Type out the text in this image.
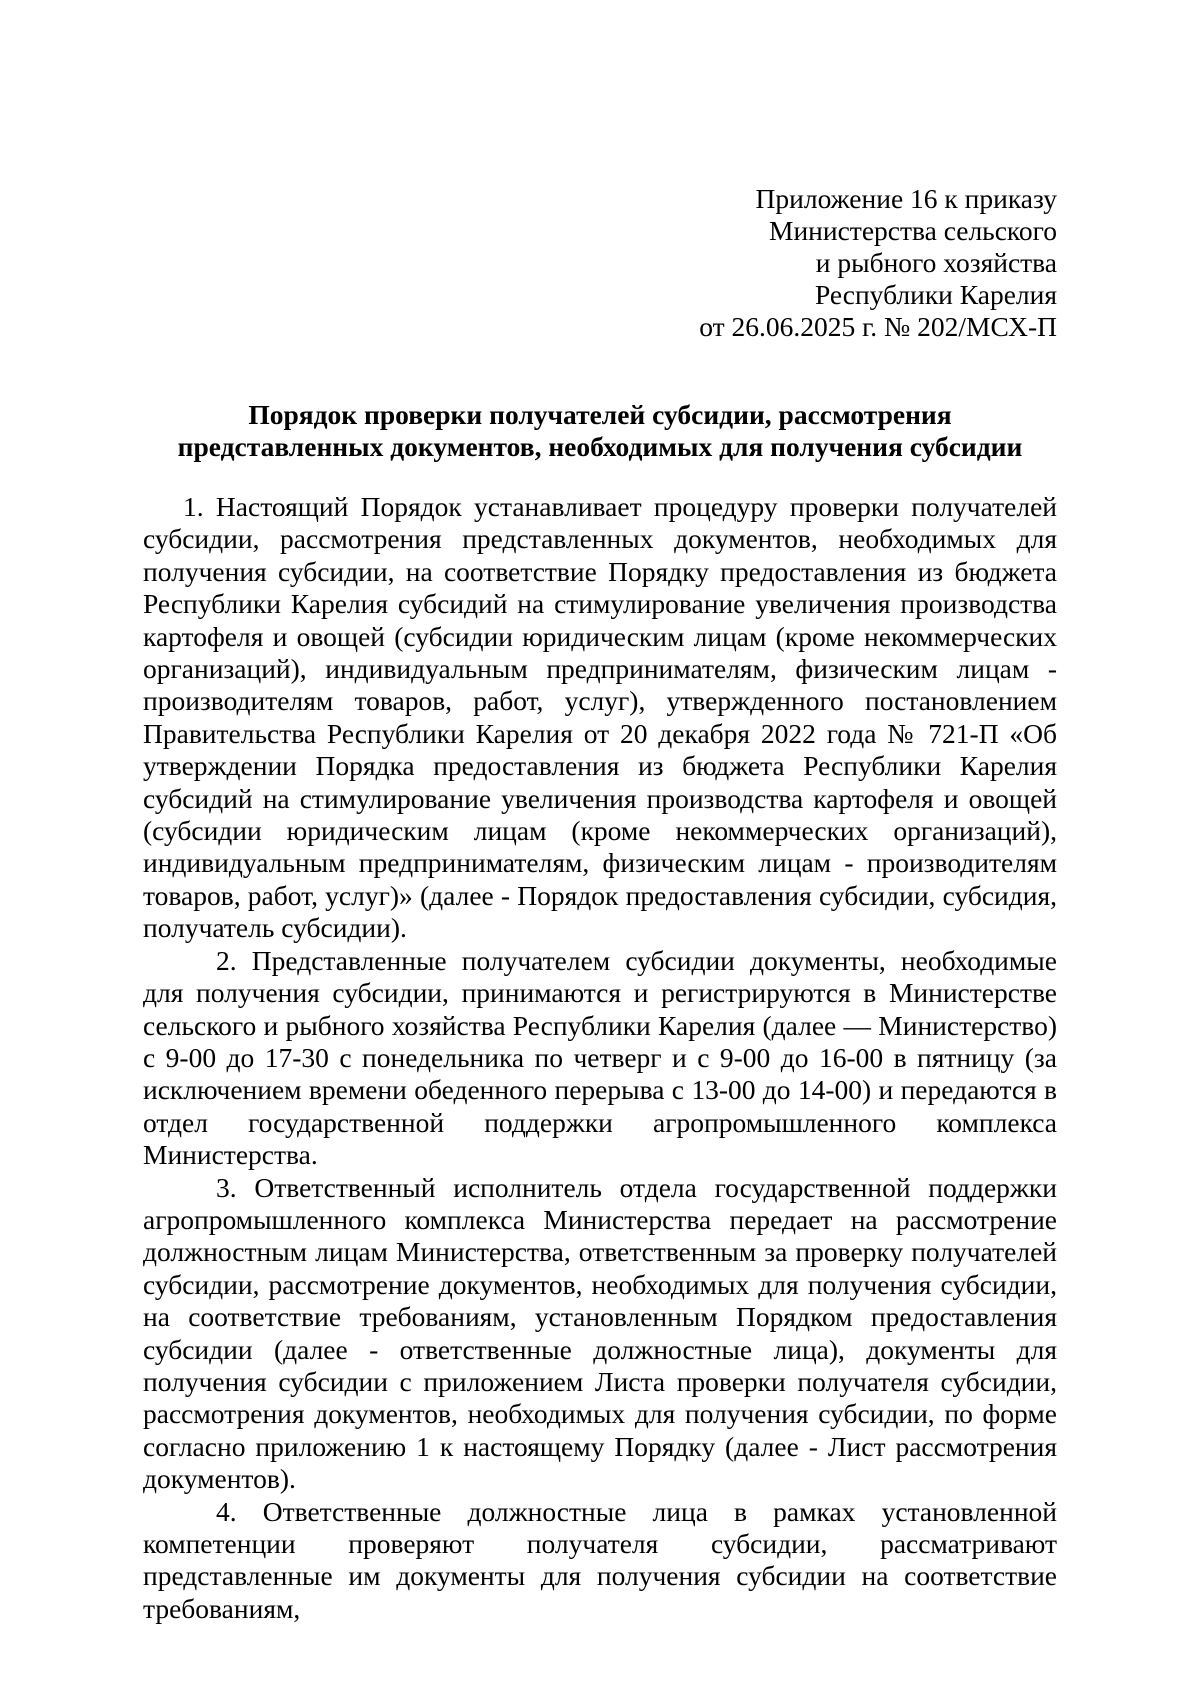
Приложение 16 к приказу
Министерства сельского
и рыбного хозяйства
Республики Карелия
от 26.06.2025 г. № 202/МСХ-П
Порядок проверки получателей субсидии, рассмотрения
представленных документов, необходимых для получения субсидии

1. Настоящий Порядок устанавливает процедуру проверки получателей субсидии, рассмотрения представленных документов, необходимых для получения субсидии, на соответствие Порядку предоставления из бюджета Республики Карелия субсидий на стимулирование увеличения производства картофеля и овощей (субсидии юридическим лицам (кроме некоммерческих организаций), индивидуальным предпринимателям, физическим лицам - производителям товаров, работ, услуг), утвержденного постановлением Правительства Республики Карелия от 20 декабря 2022 года № 721-П «Об утверждении Порядка предоставления из бюджета Республики Карелия субсидий на стимулирование увеличения производства картофеля и овощей (субсидии юридическим лицам (кроме некоммерческих организаций), индивидуальным предпринимателям, физическим лицам - производителям товаров, работ, услуг)» (далее - Порядок предоставления субсидии, субсидия, получатель субсидии).

2. Представленные получателем субсидии документы, необходимые для получения субсидии, принимаются и регистрируются в Министерстве сельского и рыбного хозяйства Республики Карелия (далее — Министерство) с 9-00 до 17-30 с понедельника по четверг и с 9-00 до 16-00 в пятницу (за исключением времени обеденного перерыва с 13-00 до 14-00) и передаются в отдел государственной поддержки агропромышленного комплекса Министерства.

3. Ответственный исполнитель отдела государственной поддержки агропромышленного комплекса Министерства передает на рассмотрение должностным лицам Министерства, ответственным за проверку получателей субсидии, рассмотрение документов, необходимых для получения субсидии, на соответствие требованиям, установленным Порядком предоставления субсидии (далее - ответственные должностные лица), документы для получения субсидии с приложением Листа проверки получателя субсидии, рассмотрения документов, необходимых для получения субсидии, по форме согласно приложению 1 к настоящему Порядку (далее - Лист рассмотрения документов).

4. Ответственные должностные лица в рамках установленной компетенции проверяют получателя субсидии, рассматривают представленные им документы для получения субсидии на соответствие требованиям,
